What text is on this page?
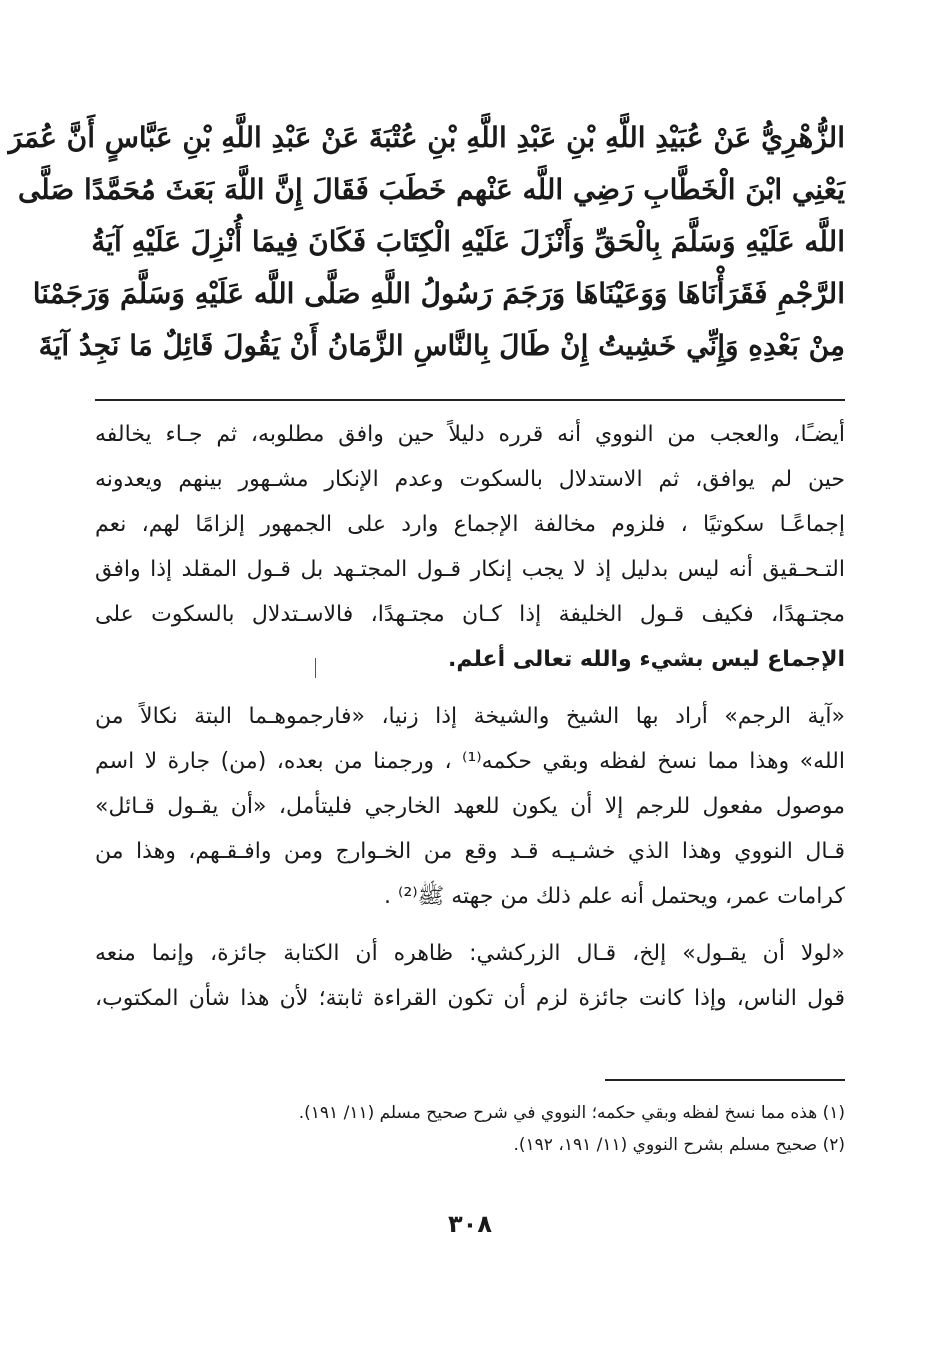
الزُّهْرِيُّ عَنْ عُبَيْدِ اللَّهِ بْنِ عَبْدِ اللَّهِ بْنِ عُتْبَةَ عَنْ عَبْدِ اللَّهِ بْنِ عَبَّاسٍ أَنَّ عُمَرَ
يَعْنِي ابْنَ الْخَطَّابِ رَضِي اللَّه عَنْهم خَطَبَ فَقَالَ إِنَّ اللَّهَ بَعَثَ مُحَمَّدًا صَلَّى
اللَّه عَلَيْهِ وَسَلَّمَ بِالْحَقِّ وَأَنْزَلَ عَلَيْهِ الْكِتَابَ فَكَانَ فِيمَا أُنْزِلَ عَلَيْهِ آيَةُ
الرَّجْمِ فَقَرَأْنَاهَا وَوَعَيْنَاهَا وَرَجَمَ رَسُولُ اللَّهِ صَلَّى اللَّه عَلَيْهِ وَسَلَّمَ وَرَجَمْنَا
مِنْ بَعْدِهِ وَإِنِّي خَشِيتُ إِنْ طَالَ بِالنَّاسِ الزَّمَانُ أَنْ يَقُولَ قَائِلٌ مَا نَجِدُ آيَةَ
أيضـًا، والعجب من النووي أنه قرره دليلاً حين وافق مطلوبه، ثم جـاء يخالفه
حين لم يوافق، ثم الاستدلال بالسكوت وعدم الإنكار مشـهور بينهم ويعدونه
إجماعًـا سكوتيًا ، فلزوم مخالفة الإجماع وارد على الجمهور إلزامًا لهم، نعم
التـحـقيق أنه ليس بدليل إذ لا يجب إنكار قـول المجتـهد بل قـول المقلد إذا وافق
مجتـهدًا، فكيف قـول الخليفة إذا كـان مجتـهدًا، فالاسـتدلال بالسكوت على
الإجماع ليس بشيء والله تعالى أعلم.
«آية الرجم» أراد بها الشيخ والشيخة إذا زنيا، «فارجموهـما البتة نكالاً من
الله» وهذا مما نسخ لفظه وبقي حكمه⁽¹⁾ ، ورجمنا من بعده، (من) جارة لا اسم
موصول مفعول للرجم إلا أن يكون للعهد الخارجي فليتأمل، «أن يقـول قـائل»
قـال النووي وهذا الذي خشـيـه قـد وقع من الخـوارج ومن وافـقـهم، وهذا من
كرامات عمر، ويحتمل أنه علم ذلك من جهته ﷺ⁽²⁾ .
«لولا أن يقـول» إلخ، قـال الزركشي: ظاهره أن الكتابة جائزة، وإنما منعه
قول الناس، وإذا كانت جائزة لزم أن تكون القراءة ثابتة؛ لأن هذا شأن المكتوب،
(١) هذه مما نسخ لفظه وبقي حكمه؛ النووي في شرح صحيح مسلم (١١/ ١٩١).
(٢) صحيح مسلم بشرح النووي (١١/ ١٩١، ١٩٢).
٣٠٨
